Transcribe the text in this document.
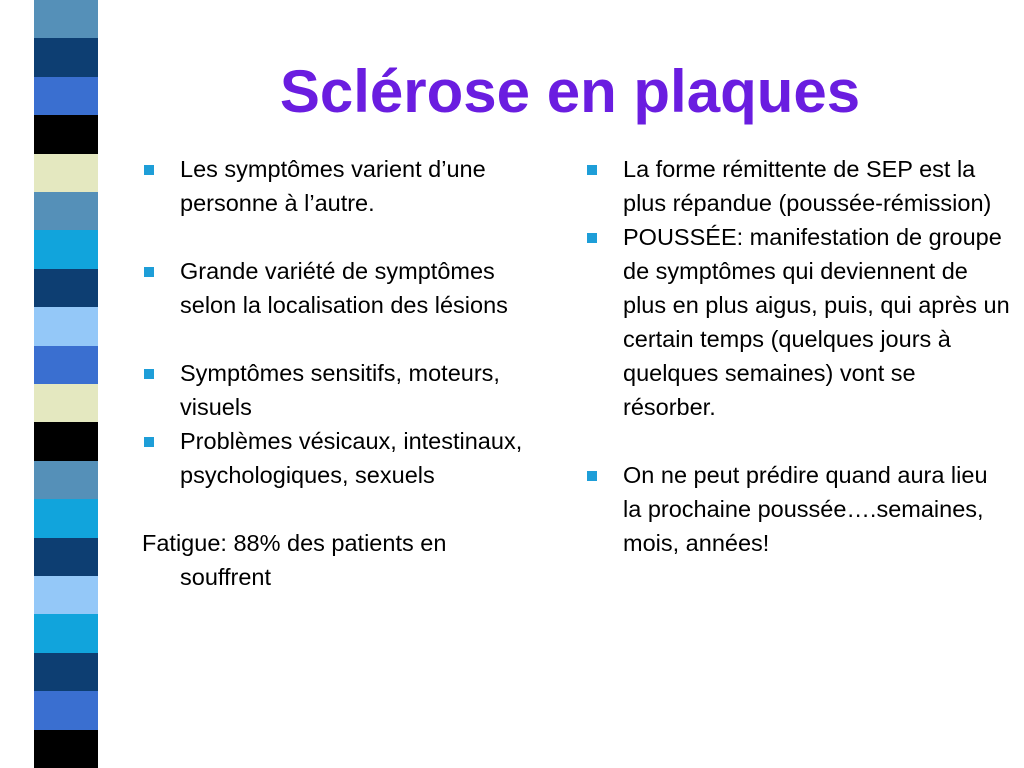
Sclérose en plaques
Les symptômes varient d’une personne à l’autre.
Grande variété de symptômes selon la localisation des lésions
Symptômes sensitifs, moteurs, visuels
Problèmes vésicaux, intestinaux, psychologiques, sexuels
Fatigue: 88% des patients en souffrent
La forme rémittente de SEP est la plus répandue (poussée-rémission)
POUSSÉE: manifestation de groupe de symptômes qui deviennent de plus en plus aigus, puis, qui après un certain temps (quelques jours à quelques semaines) vont se résorber.
On ne peut prédire quand aura lieu la prochaine poussée….semaines, mois, années!
